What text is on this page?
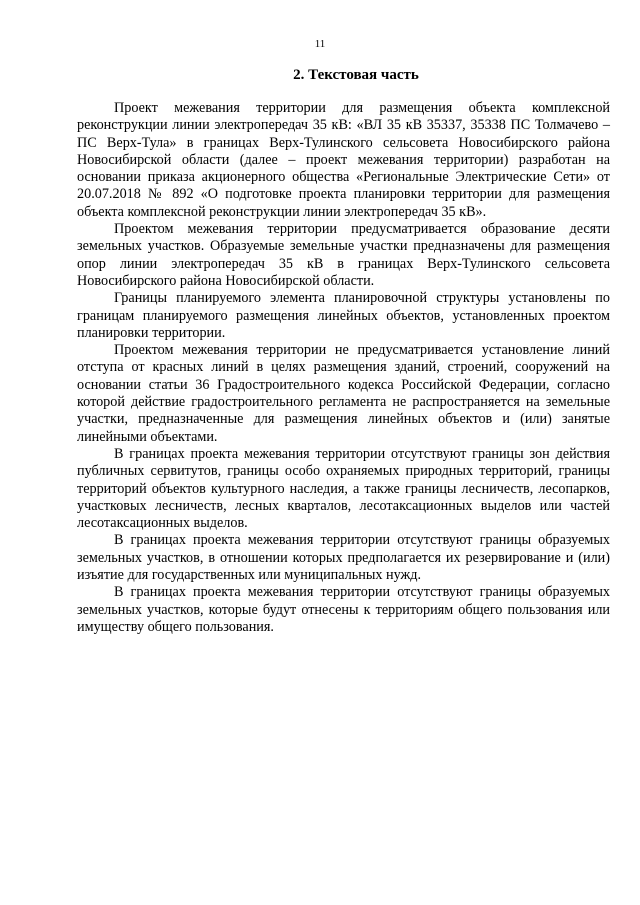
11
2. Текстовая часть

Проект межевания территории для размещения объекта комплексной реконструкции линии электропередач 35 кВ: «ВЛ 35 кВ 35337, 35338 ПС Толмачево – ПС Верх-Тула» в границах Верх-Тулинского сельсовета Новосибирского района Новосибирской области (далее – проект межевания территории) разработан на основании приказа акционерного общества «Региональные Электрические Сети» от 20.07.2018 № 892 «О подготовке проекта планировки территории для размещения объекта комплексной реконструкции линии электропередач 35 кВ».

Проектом межевания территории предусматривается образование десяти земельных участков. Образуемые земельные участки предназначены для размещения опор линии электропередач 35 кВ в границах Верх-Тулинского сельсовета Новосибирского района Новосибирской области.

Границы планируемого элемента планировочной структуры установлены по границам планируемого размещения линейных объектов, установленных проектом планировки территории.

Проектом межевания территории не предусматривается установление линий отступа от красных линий в целях размещения зданий, строений, сооружений на основании статьи 36 Градостроительного кодекса Российской Федерации, согласно которой действие градостроительного регламента не распространяется на земельные участки, предназначенные для размещения линейных объектов и (или) занятые линейными объектами.

В границах проекта межевания территории отсутствуют границы зон действия публичных сервитутов, границы особо охраняемых природных территорий, границы территорий объектов культурного наследия, а также границы лесничеств, лесопарков, участковых лесничеств, лесных кварталов, лесотаксационных выделов или частей лесотаксационных выделов.

В границах проекта межевания территории отсутствуют границы образуемых земельных участков, в отношении которых предполагается их резервирование и (или) изъятие для государственных или муниципальных нужд.

В границах проекта межевания территории отсутствуют границы образуемых земельных участков, которые будут отнесены к территориям общего пользования или имуществу общего пользования.
